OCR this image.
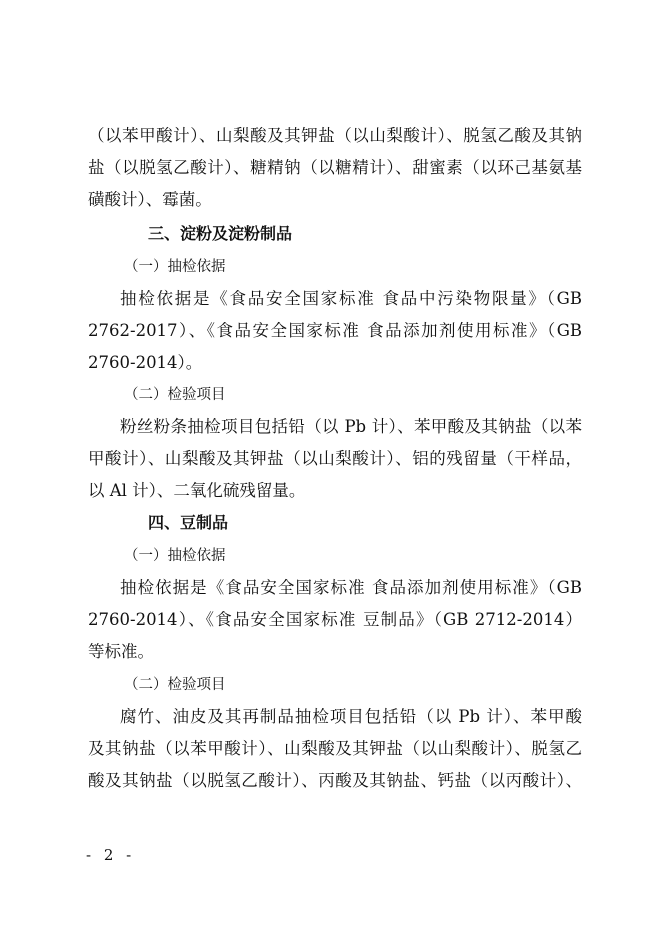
（以苯甲酸计）、山梨酸及其钾盐（以山梨酸计）、脱氢乙酸及其钠
盐（以脱氢乙酸计）、糖精钠（以糖精计）、甜蜜素（以环己基氨基
磺酸计）、霉菌。
三、淀粉及淀粉制品
（一）抽检依据
抽检依据是《食品安全国家标准 食品中污染物限量》（GB
2762-2017）、《食品安全国家标准 食品添加剂使用标准》（GB
2760-2014）。
（二）检验项目
粉丝粉条抽检项目包括铅（以 Pb 计）、苯甲酸及其钠盐（以苯
甲酸计）、山梨酸及其钾盐（以山梨酸计）、铝的残留量（干样品，
以 Al 计）、二氧化硫残留量。
四、豆制品
（一）抽检依据
抽检依据是《食品安全国家标准 食品添加剂使用标准》（GB
2760-2014）、《食品安全国家标准 豆制品》（GB 2712-2014）
等标准。
（二）检验项目
腐竹、油皮及其再制品抽检项目包括铅（以 Pb 计）、苯甲酸
及其钠盐（以苯甲酸计）、山梨酸及其钾盐（以山梨酸计）、脱氢乙
酸及其钠盐（以脱氢乙酸计）、丙酸及其钠盐、钙盐（以丙酸计）、
- 2 -
